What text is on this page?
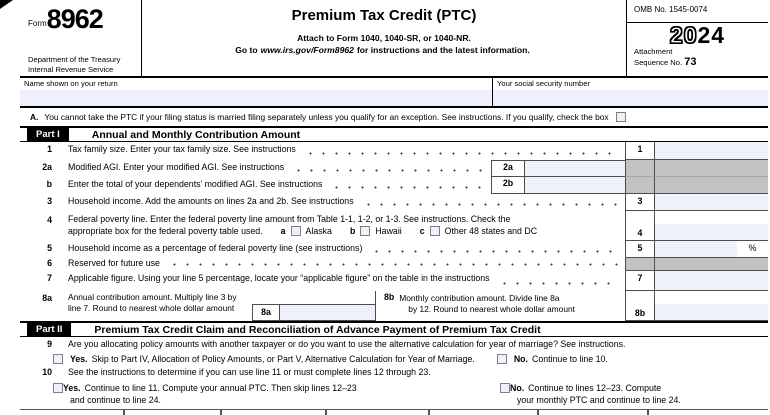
Form 8962
Department of the Treasury
Internal Revenue Service
Premium Tax Credit (PTC)
Attach to Form 1040, 1040-SR, or 1040-NR.
Go to www.irs.gov/Form8962 for instructions and the latest information.
OMB No. 1545-0074
2024
Attachment
Sequence No. 73
Name shown on your return	Your social security number
A. You cannot take the PTC if your filing status is married filing separately unless you qualify for an exception. See instructions. If you qualify, check the box
Part I	Annual and Monthly Contribution Amount
1	Tax family size. Enter your tax family size. See instructions	1
2a	Modified AGI. Enter your modified AGI. See instructions	2a
b	Enter the total of your dependents’ modified AGI. See instructions	2b
3	Household income. Add the amounts on lines 2a and 2b. See instructions	3
4	Federal poverty line. Enter the federal poverty line amount from Table 1-1, 1-2, or 1-3. See instructions. Check the
appropriate box for the federal poverty table used. a Alaska b Hawaii c Other 48 states and DC	4
5	Household income as a percentage of federal poverty line (see instructions)	5	%
6	Reserved for future use
7	Applicable figure. Using your line 5 percentage, locate your “applicable figure” on the table in the instructions	7
8a	Annual contribution amount. Multiply line 3 by
line 7. Round to nearest whole dollar amount	8a
8b Monthly contribution amount. Divide line 8a
by 12. Round to nearest whole dollar amount	8b
Part II	Premium Tax Credit Claim and Reconciliation of Advance Payment of Premium Tax Credit
9	Are you allocating policy amounts with another taxpayer or do you want to use the alternative calculation for year of marriage? See instructions.
Yes. Skip to Part IV, Allocation of Policy Amounts, or Part V, Alternative Calculation for Year of Marriage.	No. Continue to line 10.
10	See the instructions to determine if you can use line 11 or must complete lines 12 through 23.
Yes. Continue to line 11. Compute your annual PTC. Then skip lines 12–23
and continue to line 24.
No. Continue to lines 12–23. Compute
your monthly PTC and continue to line 24.
